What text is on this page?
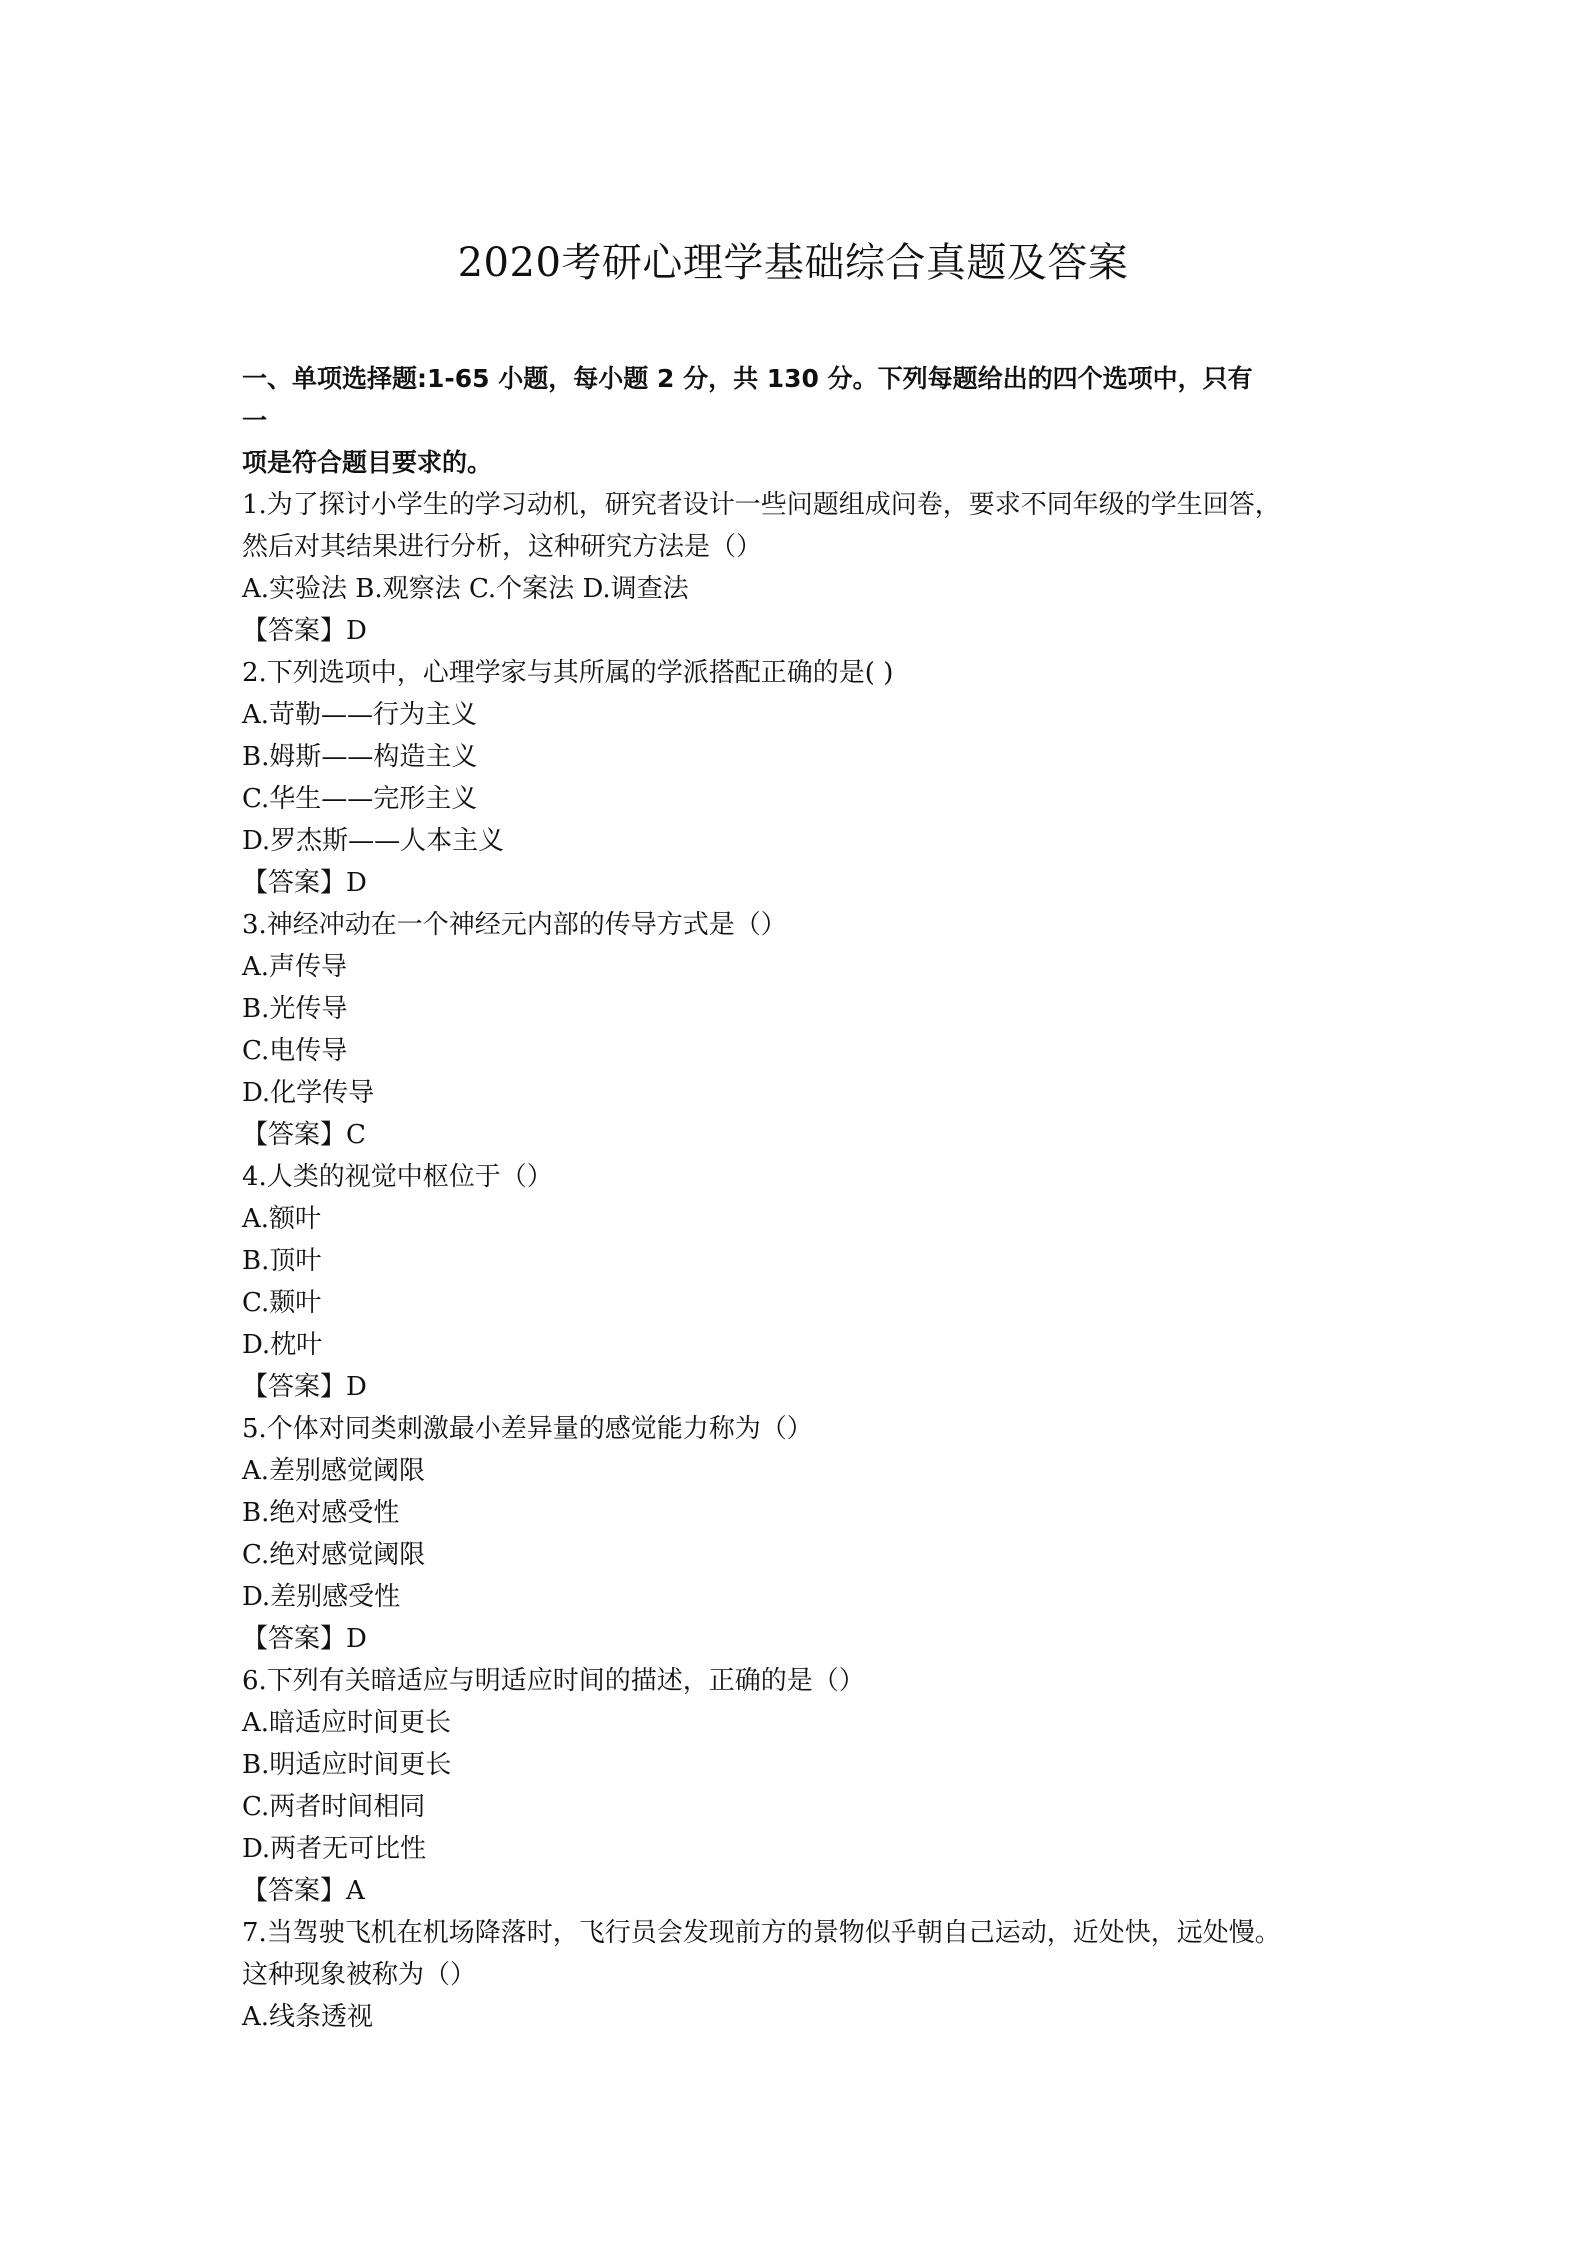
2020考研心理学基础综合真题及答案

一、单项选择题:1-65 小题，每小题 2 分，共 130 分。下列每题给出的四个选项中，只有

一

项是符合题目要求的。

1.为了探讨小学生的学习动机，研究者设计一些问题组成问卷，要求不同年级的学生回答，

然后对其结果进行分析，这种研究方法是（）

A.实验法 B.观察法 C.个案法 D.调查法

【答案】D

2.下列选项中，心理学家与其所属的学派搭配正确的是( )

A.苛勒——行为主义

B.姆斯——构造主义

C.华生——完形主义

D.罗杰斯——人本主义

【答案】D

3.神经冲动在一个神经元内部的传导方式是（）

A.声传导

B.光传导

C.电传导

D.化学传导

【答案】C

4.人类的视觉中枢位于（）

A.额叶

B.顶叶

C.颞叶

D.枕叶

【答案】D

5.个体对同类刺激最小差异量的感觉能力称为（）

A.差别感觉阈限

B.绝对感受性

C.绝对感觉阈限

D.差别感受性

【答案】D

6.下列有关暗适应与明适应时间的描述，正确的是（）

A.暗适应时间更长

B.明适应时间更长

C.两者时间相同

D.两者无可比性

【答案】A

7.当驾驶飞机在机场降落时，飞行员会发现前方的景物似乎朝自己运动，近处快，远处慢。

这种现象被称为（）

A.线条透视
